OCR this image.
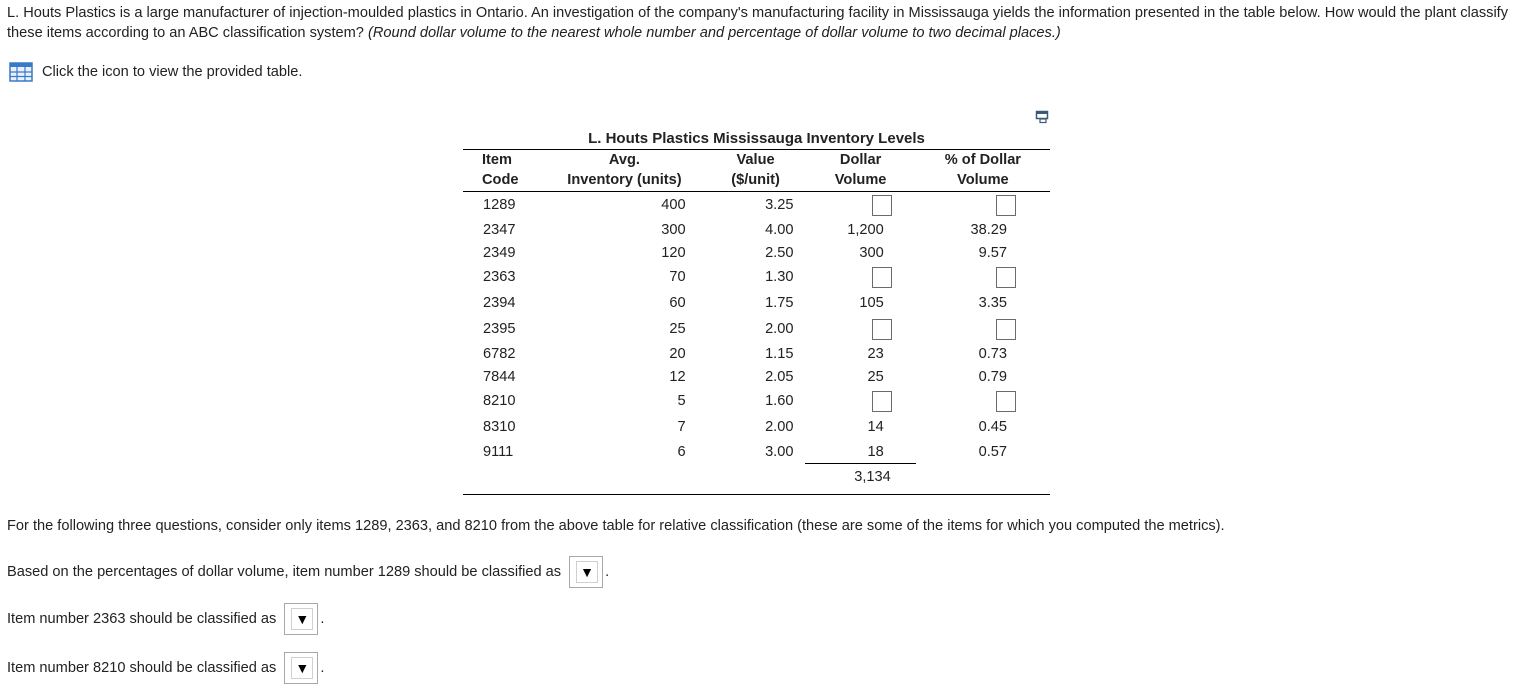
L. Houts Plastics is a large manufacturer of injection-moulded plastics in Ontario. An investigation of the company's manufacturing facility in Mississauga yields the information presented in the table below. How would the plant classify these items according to an ABC classification system? (Round dollar volume to the nearest whole number and percentage of dollar volume to two decimal places.)

Click the icon to view the provided table.
L. Houts Plastics Mississauga Inventory Levels
Item	Avg.	Value	Dollar	% of Dollar
Code	Inventory (units)	($/unit)	Volume	Volume
1289	400	3.25		
2347	300	4.00	1,200	38.29
2349	120	2.50	300	9.57
2363	70	1.30		
2394	60	1.75	105	3.35
2395	25	2.00		
6782	20	1.15	23	0.73
7844	12	2.05	25	0.79
8210	5	1.60		
8310	7	2.00	14	0.45
9111	6	3.00	18	0.57
			3,134	
For the following three questions, consider only items 1289, 2363, and 8210 from the above table for relative classification (these are some of the items for which you computed the metrics).
Based on the percentages of dollar volume, item number 1289 should be classified as ▼ .
Item number 2363 should be classified as ▼ .
Item number 8210 should be classified as ▼ .
